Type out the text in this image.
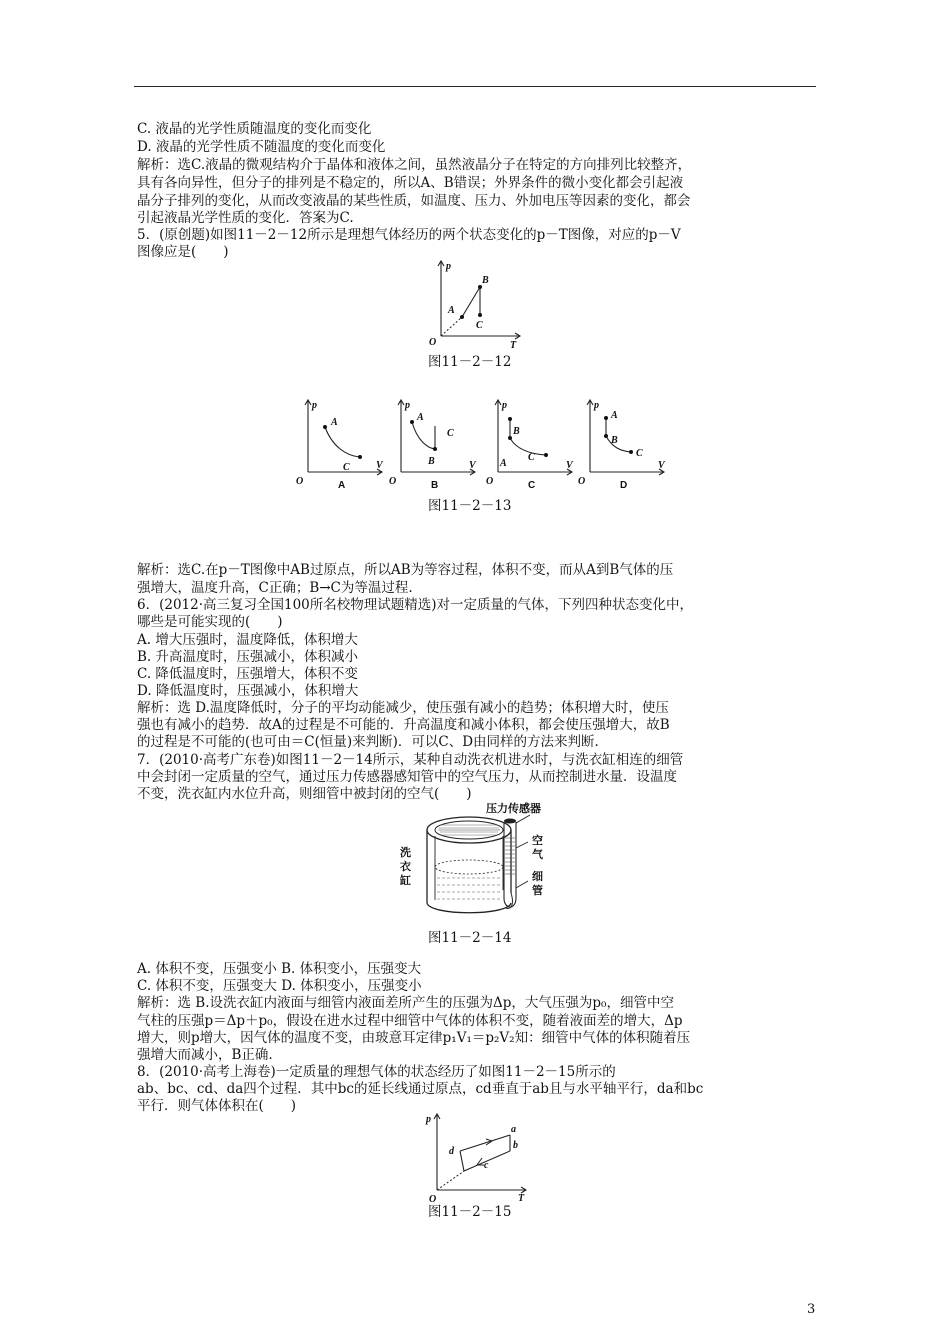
C. 液晶的光学性质随温度的变化而变化
D. 液晶的光学性质不随温度的变化而变化
解析：选C.液晶的微观结构介于晶体和液体之间，虽然液晶分子在特定的方向排列比较整齐，
具有各向异性，但分子的排列是不稳定的，所以A、B错误；外界条件的微小变化都会引起液
晶分子排列的变化，从而改变液晶的某些性质，如温度、压力、外加电压等因素的变化，都会
引起液晶光学性质的变化．答案为C.
5．(原创题)如图11－2－12所示是理想气体经历的两个状态变化的p－T图像，对应的p－V
图像应是(　　)
p
T
O
A
B
C
图11－2－12
p
V
O
A
C
A
p
V
O
A
B
C
B
p
V
O
B
A
C
C
p
V
O
A
B
C
D
图11－2－13
解析：选C.在p－T图像中AB过原点，所以AB为等容过程，体积不变，而从A到B气体的压
强增大，温度升高，C正确；B→C为等温过程.
6．(2012·高三复习全国100所名校物理试题精选)对一定质量的气体，下列四种状态变化中，
哪些是可能实现的(　　)
A. 增大压强时，温度降低，体积增大
B. 升高温度时，压强减小，体积减小
C. 降低温度时，压强增大，体积不变
D. 降低温度时，压强减小，体积增大
解析：选 D.温度降低时，分子的平均动能减少，使压强有减小的趋势；体积增大时，使压
强也有减小的趋势．故A的过程是不可能的．升高温度和减小体积，都会使压强增大，故B
的过程是不可能的(也可由＝C(恒量)来判断)．可以C、D由同样的方法来判断.
7．(2010·高考广东卷)如图11－2－14所示，某种自动洗衣机进水时，与洗衣缸相连的细管
中会封闭一定质量的空气，通过压力传感器感知管中的空气压力，从而控制进水量．设温度
不变，洗衣缸内水位升高，则细管中被封闭的空气(　　)
压力传感器
空
气
细
管
洗
衣
缸
图11－2－14
A. 体积不变，压强变小 B. 体积变小，压强变大
C. 体积不变，压强变大 D. 体积变小，压强变小
解析：选 B.设洗衣缸内液面与细管内液面差所产生的压强为Δp，大气压强为p₀，细管中空
气柱的压强p＝Δp＋p₀，假设在进水过程中细管中气体的体积不变，随着液面差的增大，Δp
增大，则p增大，因气体的温度不变，由玻意耳定律p₁V₁＝p₂V₂知：细管中气体的体积随着压
强增大而减小，B正确.
8．(2010·高考上海卷)一定质量的理想气体的状态经历了如图11－2－15所示的
ab、bc、cd、da四个过程．其中bc的延长线通过原点，cd垂直于ab且与水平轴平行，da和bc
平行．则气体体积在(　　)
p
T
O
a
b
c
d
图11－2－15
3
